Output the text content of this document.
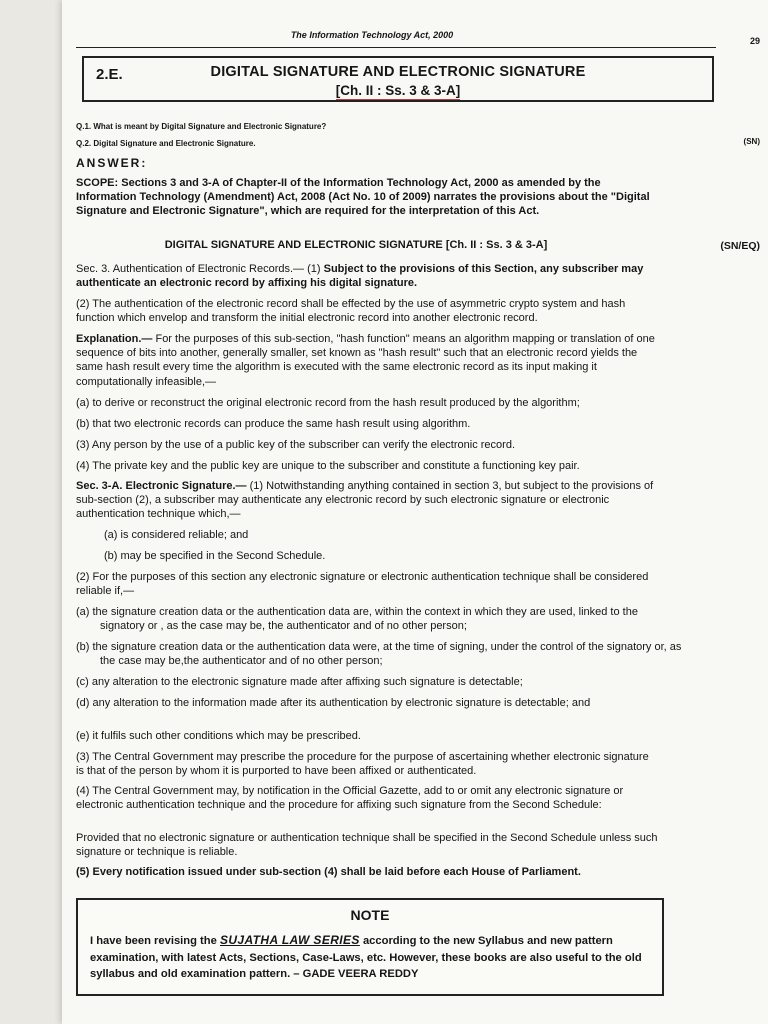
The Information Technology Act, 2000
29
2.E.	DIGITAL SIGNATURE AND ELECTRONIC SIGNATURE
[Ch. II : Ss. 3 & 3-A]
Q.1. What is meant by Digital Signature and Electronic Signature?
Q.2. Digital Signature and Electronic Signature.	(SN)
ANSWER:
SCOPE: Sections 3 and 3-A of Chapter-II of the Information Technology Act, 2000 as amended by the Information Technology (Amendment) Act, 2008 (Act No. 10 of 2009) narrates the provisions about the "Digital Signature and Electronic Signature", which are required for the interpretation of this Act.
DIGITAL SIGNATURE AND ELECTRONIC SIGNATURE [Ch. II : Ss. 3 & 3-A]	(SN/EQ)
Sec. 3. Authentication of Electronic Records.— (1) Subject to the provisions of this Section, any subscriber may authenticate an electronic record by affixing his digital signature.
(2) The authentication of the electronic record shall be effected by the use of asymmetric crypto system and hash function which envelop and transform the initial electronic record into another electronic record.
Explanation.— For the purposes of this sub-section, "hash function" means an algorithm mapping or translation of one sequence of bits into another, generally smaller, set known as "hash result" such that an electronic record yields the same hash result every time the algorithm is executed with the same electronic record as its input making it computationally infeasible,—
(a) to derive or reconstruct the original electronic record from the hash result produced by the algorithm;
(b) that two electronic records can produce the same hash result using algorithm.
(3) Any person by the use of a public key of the subscriber can verify the electronic record.
(4) The private key and the public key are unique to the subscriber and constitute a functioning key pair.
Sec. 3-A. Electronic Signature.— (1) Notwithstanding anything contained in section 3, but subject to the provisions of sub-section (2), a subscriber may authenticate any electronic record by such electronic signature or electronic authentication technique which,—
(a) is considered reliable; and
(b) may be specified in the Second Schedule.
(2) For the purposes of this section any electronic signature or electronic authentication technique shall be considered reliable if,—
(a) the signature creation data or the authentication data are, within the context in which they are used, linked to the signatory or , as the case may be, the authenticator and of no other person;
(b) the signature creation data or the authentication data were, at the time of signing, under the control of the signatory or, as the case may be,the authenticator and of no other person;
(c) any alteration to the electronic signature made after affixing such signature is detectable;
(d) any alteration to the information made after its authentication by electronic signature is detectable; and
(e) it fulfils such other conditions which may be prescribed.
(3) The Central Government may prescribe the procedure for the purpose of ascertaining whether electronic signature is that of the person by whom it is purported to have been affixed or authenticated.
(4) The Central Government may, by notification in the Official Gazette, add to or omit any electronic signature or electronic authentication technique and the procedure for affixing such signature from the Second Schedule:
Provided that no electronic signature or authentication technique shall be specified in the Second Schedule unless such signature or technique is reliable.
(5) Every notification issued under sub-section (4) shall be laid before each House of Parliament.
NOTE
I have been revising the SUJATHA LAW SERIES according to the new Syllabus and new pattern examination, with latest Acts, Sections, Case-Laws, etc. However, these books are also useful to the old syllabus and old examination pattern. – GADE VEERA REDDY
